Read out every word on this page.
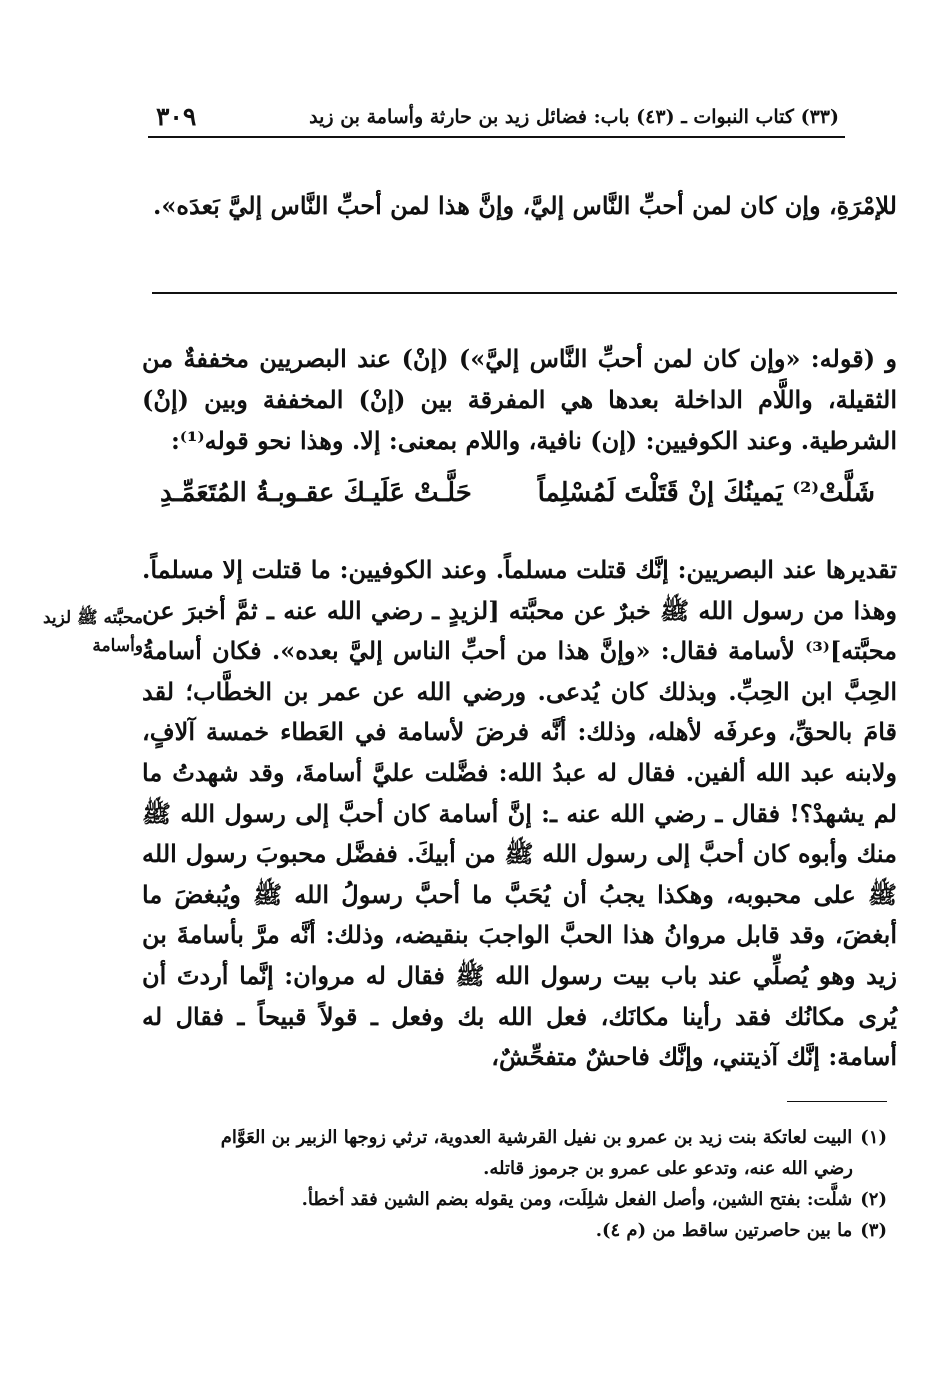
(٣٣) كتاب النبوات ـ (٤٣) باب: فضائل زيد بن حارثة وأسامة بن زيد
٣٠٩
للإمْرَةِ، وإن كان لمن أحبِّ النَّاس إليَّ، وإنَّ هذا لمن أحبِّ النَّاس إليَّ بَعدَه».
و (قوله: «وإن كان لمن أحبِّ النَّاس إليَّ») (إنْ) عند البصريين مخففةٌ من الثقيلة، واللَّام الداخلة بعدها هي المفرقة بين (إنْ) المخففة وبين (إنْ) الشرطية. وعند الكوفيين: (إن) نافية، واللام بمعنى: إلا. وهذا نحو قوله⁽¹⁾:
شَلَّتْ⁽²⁾ يَمينُكَ إنْ قَتَلْتَ لَمُسْلِماً
حَلَّـتْ عَلَيـكَ عقـوبـةُ المُتَعَمِّـدِ
تقديرها عند البصريين: إنَّك قتلت مسلماً. وعند الكوفيين: ما قتلت إلا مسلماً. وهذا من رسول الله ﷺ خبرٌ عن محبَّته [لزيدٍ ـ رضي الله عنه ـ ثمَّ أخبرَ عن محبَّته]⁽³⁾ لأسامة فقال: «وإنَّ هذا من أحبِّ الناس إليَّ بعده». فكان أسامةُ الحِبَّ ابن الحِبِّ. وبذلك كان يُدعى. ورضي الله عن عمر بن الخطَّاب؛ لقد قامَ بالحقِّ، وعرفَه لأهله، وذلك: أنَّه فرضَ لأسامة في العَطاء خمسة آلافٍ، ولابنه عبد الله ألفين. فقال له عبدُ الله: فضَّلت عليَّ أسامةَ، وقد شهدتُ ما لم يشهدْ؟! فقال ـ رضي الله عنه ـ: إنَّ أسامة كان أحبَّ إلى رسول الله ﷺ منك وأبوه كان أحبَّ إلى رسول الله ﷺ من أبيكَ. ففضَّل محبوبَ رسول الله ﷺ على محبوبه، وهكذا يجبُ أن يُحَبَّ ما أحبَّ رسولُ الله ﷺ ويُبغضَ ما أبغضَ، وقد قابل مروانُ هذا الحبَّ الواجبَ بنقيضه، وذلك: أنَّه مرَّ بأسامةَ بن زيد وهو يُصلِّي عند باب بيت رسول الله ﷺ فقال له مروان: إنَّما أردتَ أن يُرى مكانُك فقد رأينا مكانَك، فعل الله بك وفعل ـ قولاً قبيحاً ـ فقال له أسامة: إنَّك آذيتني، وإنَّك فاحشٌ متفحِّشٌ،
محبَّته ﷺ لزيد وأسامة

(١)البيت لعاتكة بنت زيد بن عمرو بن نفيل القرشية العدوية، ترثي زوجها الزبير بن العَوَّام

رضي الله عنه، وتدعو على عمرو بن جرموز قاتله.

(٢)شلَّت: بفتح الشين، وأصل الفعل شلِلَت، ومن يقوله بضم الشين فقد أخطأ.

(٣)ما بين حاصرتين ساقط من (م ٤).
